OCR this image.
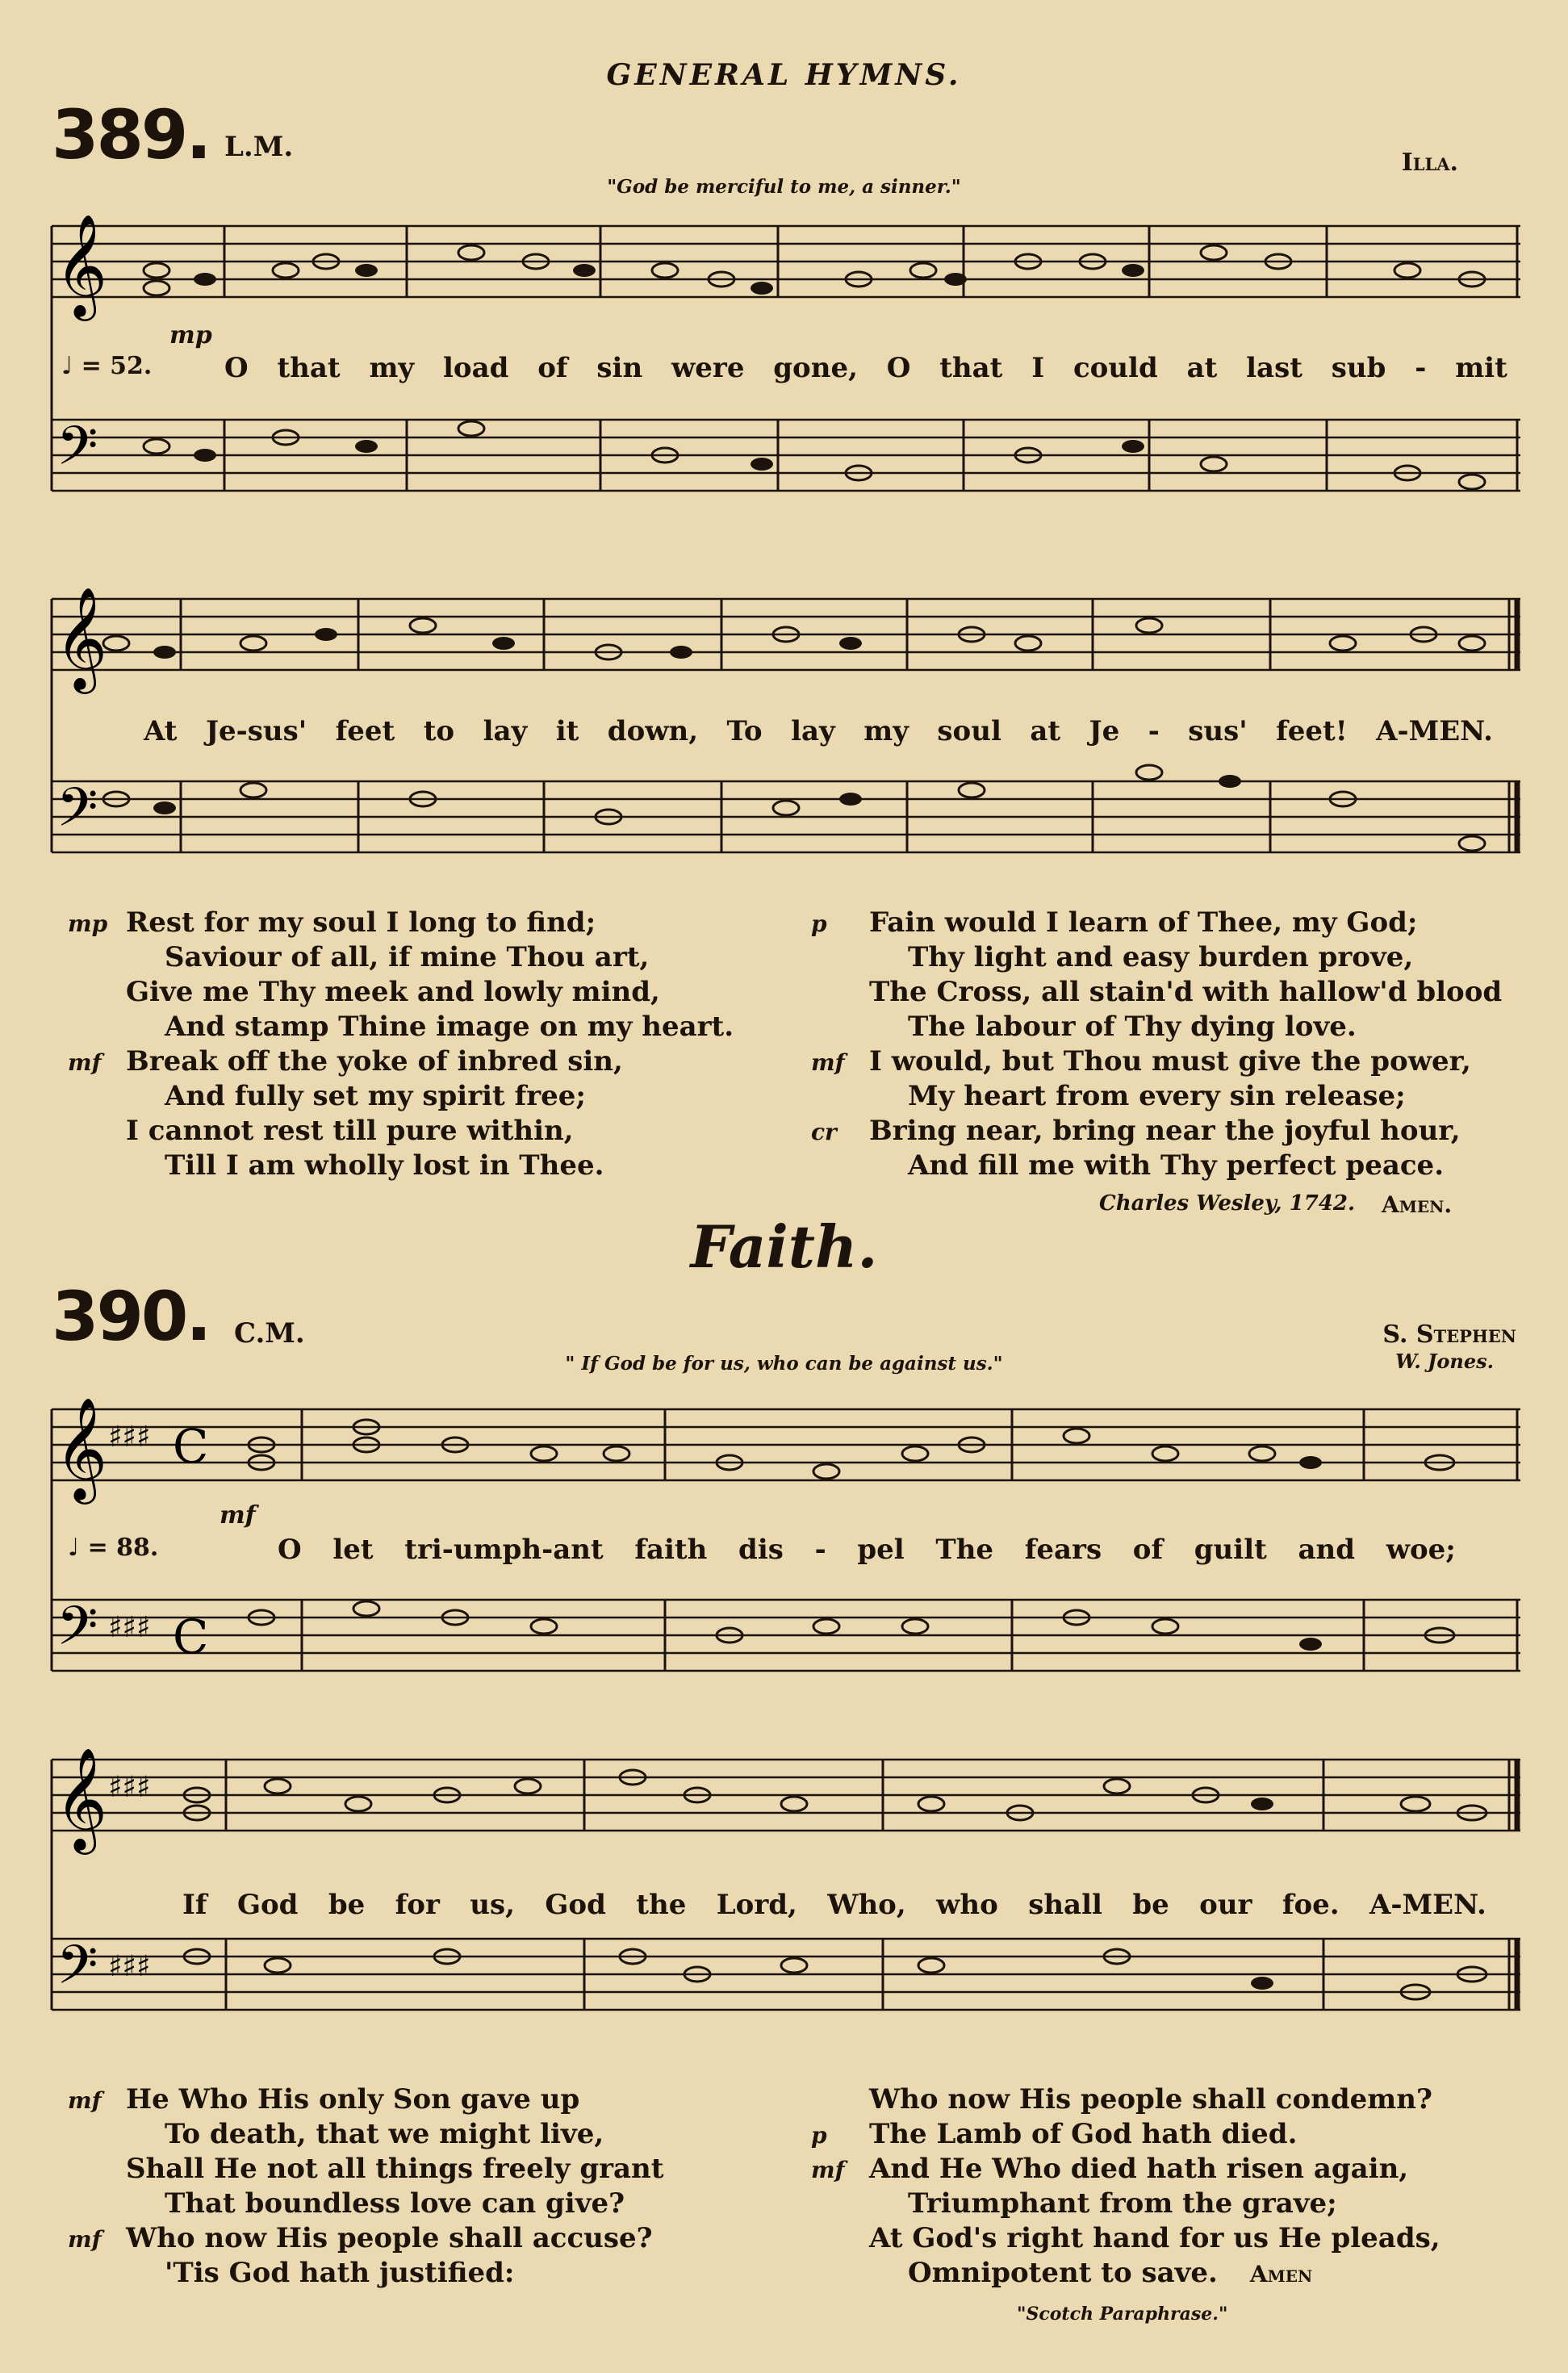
GENERAL HYMNS.
389. L.M.	Illa.
"God be merciful to me, a sinner."
𝄞
𝄢
♩ = 52.
mp
O that my load of sin were gone, O that I could at last sub - mit
𝄞
𝄢
At Je-sus' feet to lay it down, To lay my soul at Je - sus' feet! A-MEN.
mp Rest for my soul I long to find;
Saviour of all, if mine Thou art,
Give me Thy meek and lowly mind,
And stamp Thine image on my heart.
mf Break off the yoke of inbred sin,
And fully set my spirit free;
I cannot rest till pure within,
Till I am wholly lost in Thee.
p Fain would I learn of Thee, my God;
Thy light and easy burden prove,
The Cross, all stain'd with hallow'd blood
The labour of Thy dying love.
mf I would, but Thou must give the power,
My heart from every sin release;
cr Bring near, bring near the joyful hour,
And fill me with Thy perfect peace.
Charles Wesley, 1742. Amen.
Faith.
390. C.M.	S. Stephen
W. Jones.
" If God be for us, who can be against us."
𝄞
𝄢
♯♯♯
♯♯♯
C
C
♩ = 88.
mf
O let tri-umph-ant faith dis - pel The fears of guilt and woe;
𝄞
𝄢
♯♯♯
♯♯♯
If God be for us, God the Lord, Who, who shall be our foe. A-MEN.
mf He Who His only Son gave up
To death, that we might live,
Shall He not all things freely grant
That boundless love can give?
mf Who now His people shall accuse?
'Tis God hath justified:
Who now His people shall condemn?
p The Lamb of God hath died.
mf And He Who died hath risen again,
Triumphant from the grave;
At God's right hand for us He pleads,
Omnipotent to save. Amen
"Scotch Paraphrase."
